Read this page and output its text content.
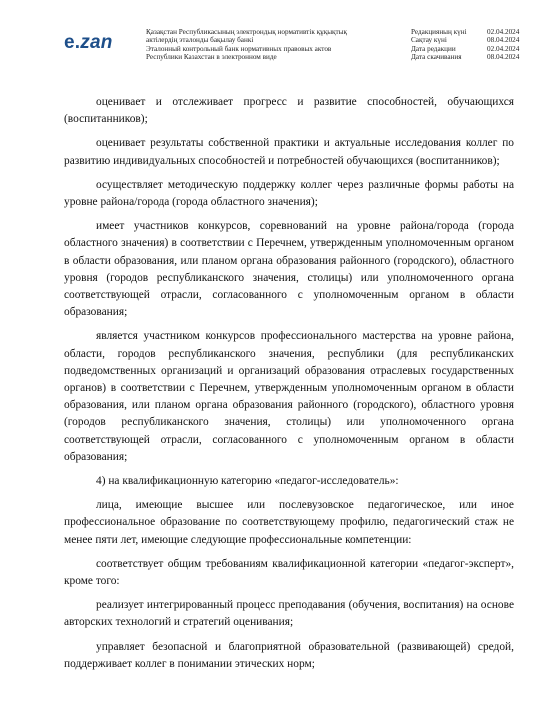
e.zan	Қазақстан Республикасының электрондық нормативтік құқықтық
актілердің эталонды бақылау банкі
Эталонный контрольный банк нормативных правовых актов
Республики Казахстан в электронном виде
Редакцияның күні	02.04.2024
Сақтау күні	08.04.2024
Дата редакции	02.04.2024
Дата скачивания	08.04.2024

оценивает и отслеживает прогресс и развитие способностей, обучающихся (воспитанников);

оценивает результаты собственной практики и актуальные исследования коллег по развитию индивидуальных способностей и потребностей обучающихся (воспитанников);

осуществляет методическую поддержку коллег через различные формы работы на уровне района/города (города областного значения);

имеет участников конкурсов, соревнований на уровне района/города (города областного значения) в соответствии с Перечнем, утвержденным уполномоченным органом в области образования, или планом органа образования районного (городского), областного уровня (городов республиканского значения, столицы) или уполномоченного органа соответствующей отрасли, согласованного с уполномоченным органом в области образования;

является участником конкурсов профессионального мастерства на уровне района, области, городов республиканского значения, республики (для республиканских подведомственных организаций и организаций образования отраслевых государственных органов) в соответствии с Перечнем, утвержденным уполномоченным органом в области образования, или планом органа образования районного (городского), областного уровня (городов республиканского значения, столицы) или уполномоченного органа соответствующей отрасли, согласованного с уполномоченным органом в области образования;

4) на квалификационную категорию «педагог-исследователь»:

лица, имеющие высшее или послевузовское педагогическое, или иное профессиональное образование по соответствующему профилю, педагогический стаж не менее пяти лет, имеющие следующие профессиональные компетенции:

соответствует общим требованиям квалификационной категории «педагог-эксперт», кроме того:

реализует интегрированный процесс преподавания (обучения, воспитания) на основе авторских технологий и стратегий оценивания;

управляет безопасной и благоприятной образовательной (развивающей) средой, поддерживает коллег в понимании этических норм;
